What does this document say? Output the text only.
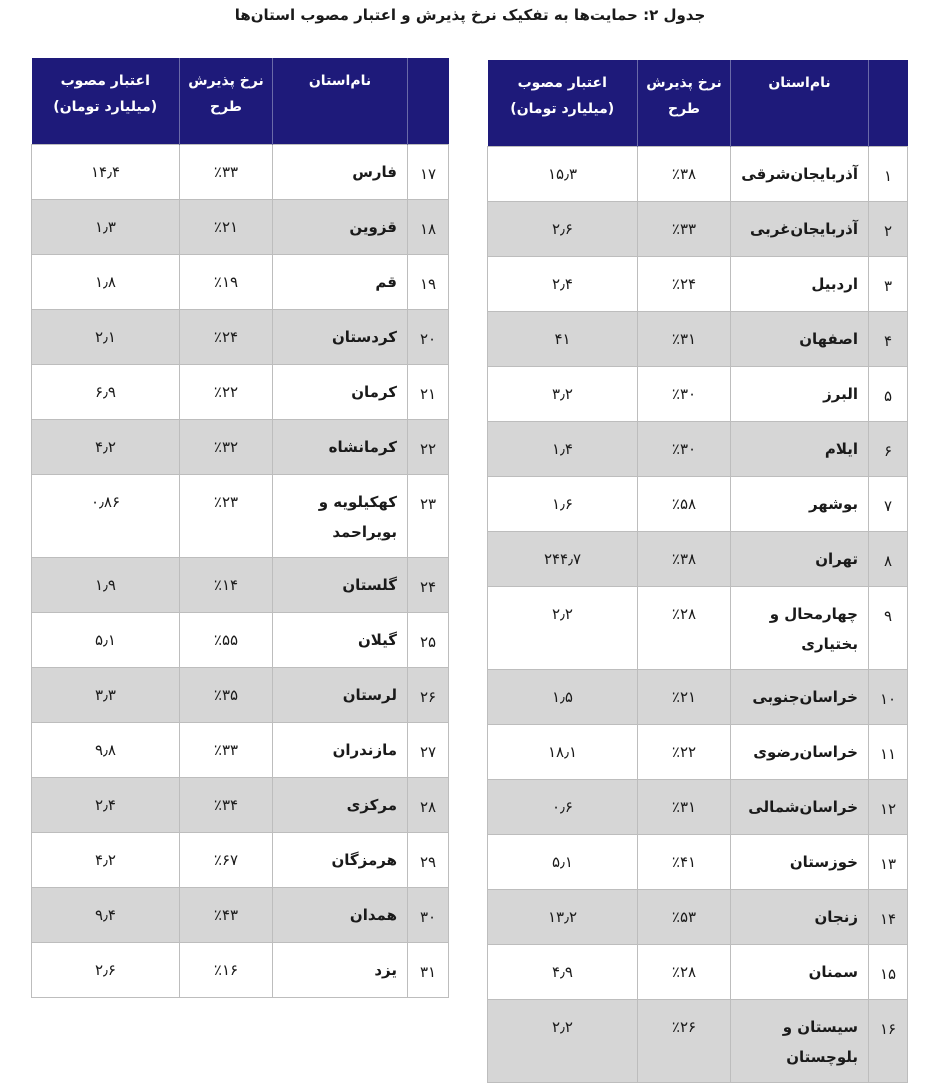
جدول ۲: حمایت‌ها به تفکیک نرخ پذیرش و اعتبار مصوب استان‌ها

	نام‌استان	نرخ پذیرش
طرح	اعتبار مصوب
(میلیارد تومان)

۱	آذربایجان‌شرقی	٪۳۸	۱۵٫۳
۲	آذربایجان‌غربی	٪۳۳	۲٫۶
۳	اردبیل	٪۲۴	۲٫۴
۴	اصفهان	٪۳۱	۴۱
۵	البرز	٪۳۰	۳٫۲
۶	ایلام	٪۳۰	۱٫۴
۷	بوشهر	٪۵۸	۱٫۶
۸	تهران	٪۳۸	۲۴۴٫۷
۹	چهارمحال و
بختیاری	٪۲۸	۲٫۲
۱۰	خراسان‌جنوبی	٪۲۱	۱٫۵
۱۱	خراسان‌رضوی	٪۲۲	۱۸٫۱
۱۲	خراسان‌شمالی	٪۳۱	۰٫۶
۱۳	خوزستان	٪۴۱	۵٫۱
۱۴	زنجان	٪۵۳	۱۳٫۲
۱۵	سمنان	٪۲۸	۴٫۹
۱۶	سیستان و
بلوچستان	٪۲۶	۲٫۲

	نام‌استان	نرخ پذیرش
طرح	اعتبار مصوب
(میلیارد تومان)

۱۷	فارس	٪۳۳	۱۴٫۴
۱۸	قزوین	٪۲۱	۱٫۳
۱۹	قم	٪۱۹	۱٫۸
۲۰	کردستان	٪۲۴	۲٫۱
۲۱	کرمان	٪۲۲	۶٫۹
۲۲	کرمانشاه	٪۳۲	۴٫۲
۲۳	کهکیلویه و
بویراحمد	٪۲۳	۰٫۸۶
۲۴	گلستان	٪۱۴	۱٫۹
۲۵	گیلان	٪۵۵	۵٫۱
۲۶	لرستان	٪۳۵	۳٫۳
۲۷	مازندران	٪۳۳	۹٫۸
۲۸	مرکزی	٪۳۴	۲٫۴
۲۹	هرمزگان	٪۶۷	۴٫۲
۳۰	همدان	٪۴۳	۹٫۴
۳۱	یزد	٪۱۶	۲٫۶
